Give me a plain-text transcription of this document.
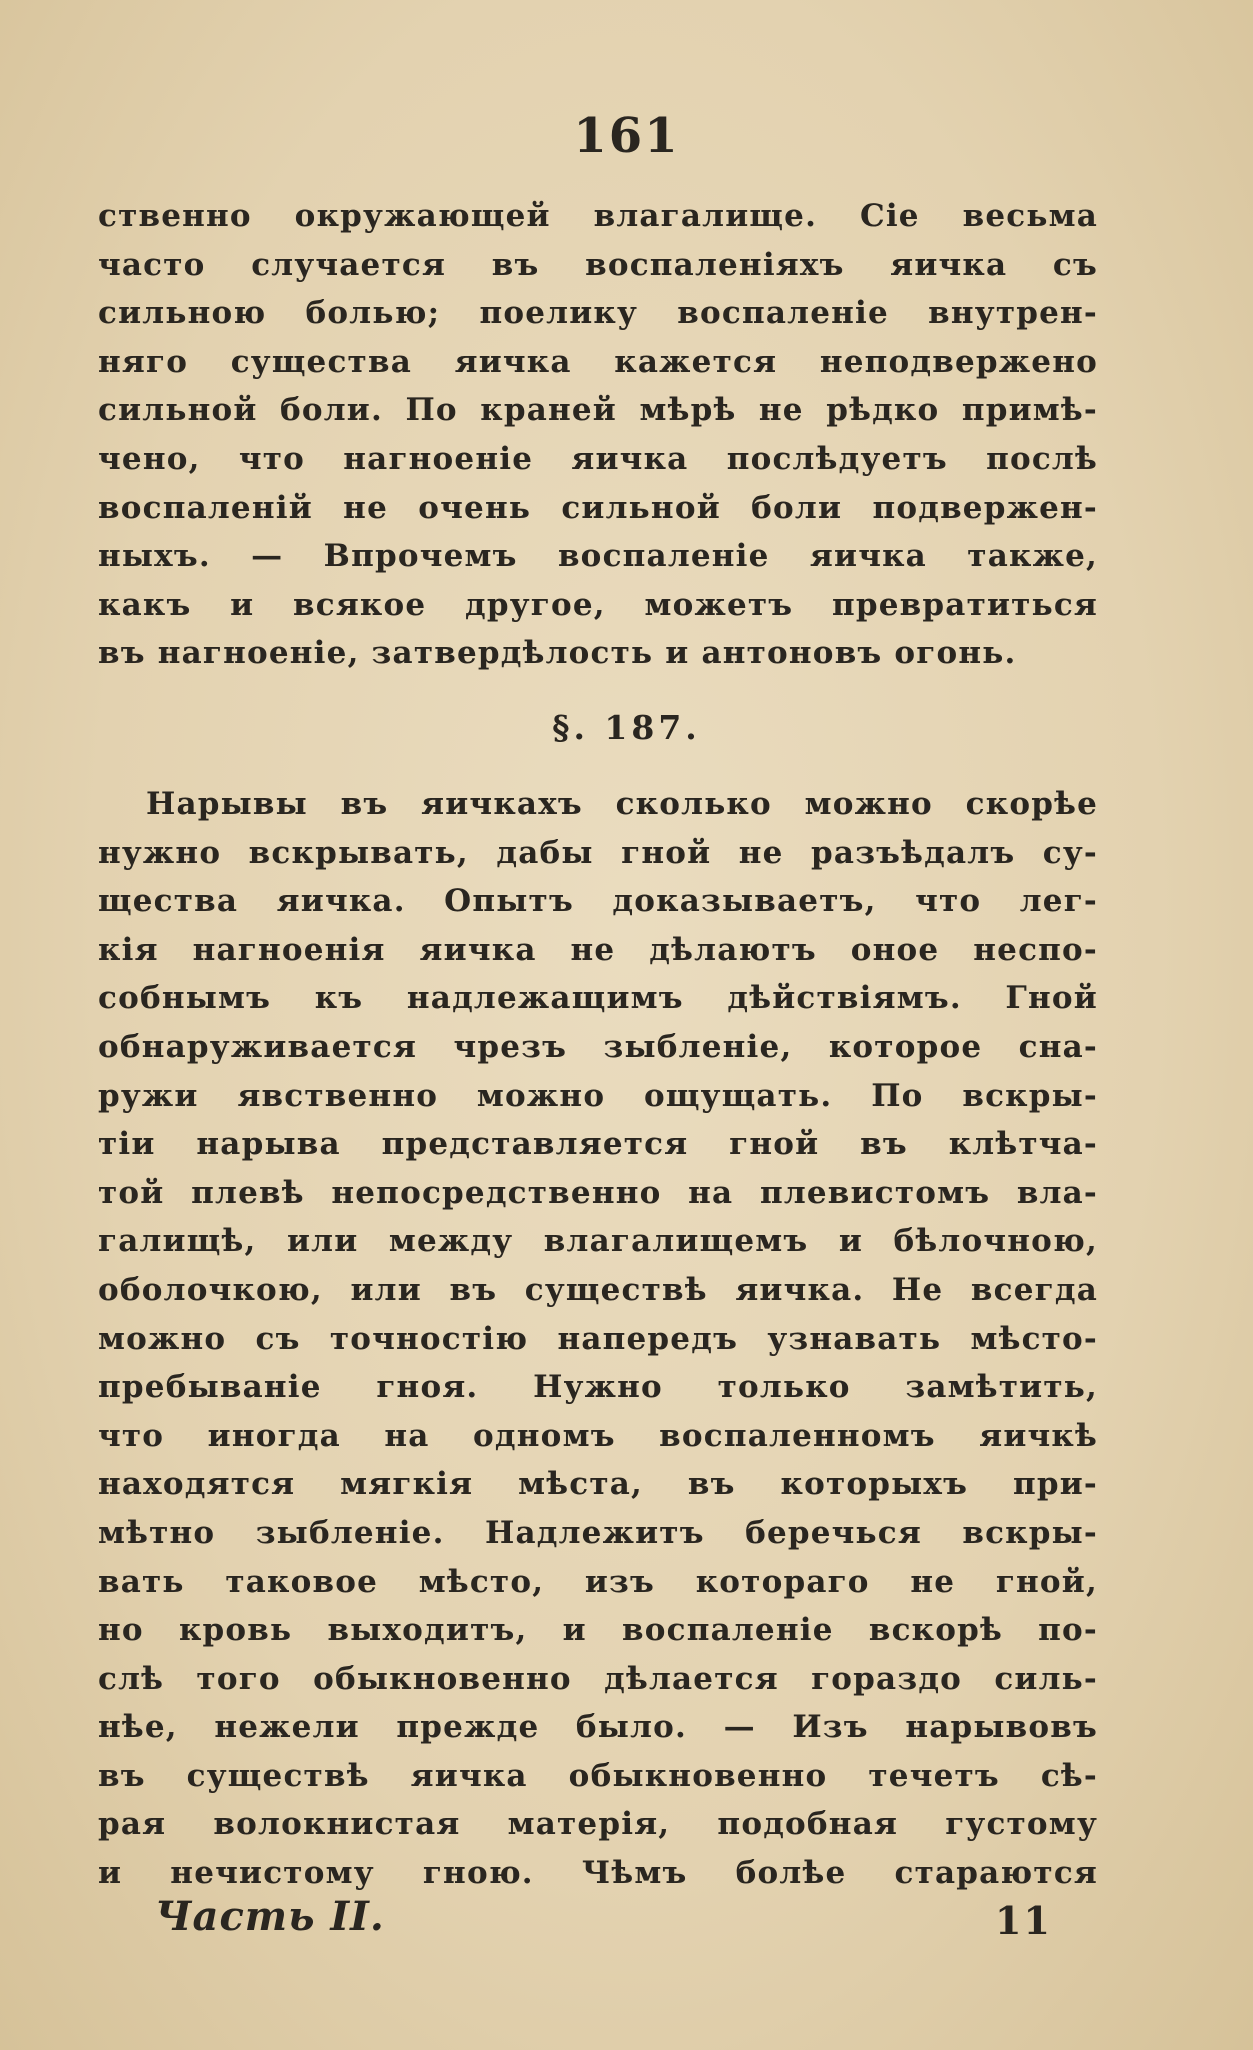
161
ственно окружающей влагалище. Сіе весьма
часто случается въ воспаленіяхъ яичка съ
сильною болью; поелику воспаленіе внутрен-
няго существа яичка кажется неподвержено
сильной боли. По краней мѣрѣ не рѣдко примѣ-
чено, что нагноеніе яичка послѣдуетъ послѣ
воспаленій не очень сильной боли подвержен-
ныхъ. — Впрочемъ воспаленіе яичка также,
какъ и всякое другое, можетъ превратиться
въ нагноеніе, затвердѣлость и антоновъ огонь.
§. 187.
Нарывы въ яичкахъ сколько можно скорѣе
нужно вскрывать, дабы гной не разъѣдалъ су-
щества яичка. Опытъ доказываетъ, что лег-
кія нагноенія яичка не дѣлаютъ оное неспо-
собнымъ къ надлежащимъ дѣйствіямъ. Гной
обнаруживается чрезъ зыбленіе, которое сна-
ружи явственно можно ощущать. По вскры-
тіи нарыва представляется гной въ клѣтча-
той плевѣ непосредственно на плевистомъ вла-
галищѣ, или между влагалищемъ и бѣлочною,
оболочкою, или въ существѣ яичка. Не всегда
можно съ точностію напередъ узнавать мѣсто-
пребываніе гноя. Нужно только замѣтить,
что иногда на одномъ воспаленномъ яичкѣ
находятся мягкія мѣста, въ которыхъ при-
мѣтно зыбленіе. Надлежитъ беречься вскры-
вать таковое мѣсто, изъ котораго не гной,
но кровь выходитъ, и воспаленіе вскорѣ по-
слѣ того обыкновенно дѣлается гораздо силь-
нѣе, нежели прежде было. — Изъ нарывовъ
въ существѣ яичка обыкновенно течетъ сѣ-
рая волокнистая матерія, подобная густому
и нечистому гною. Чѣмъ болѣе стараются
Часть II.	11
